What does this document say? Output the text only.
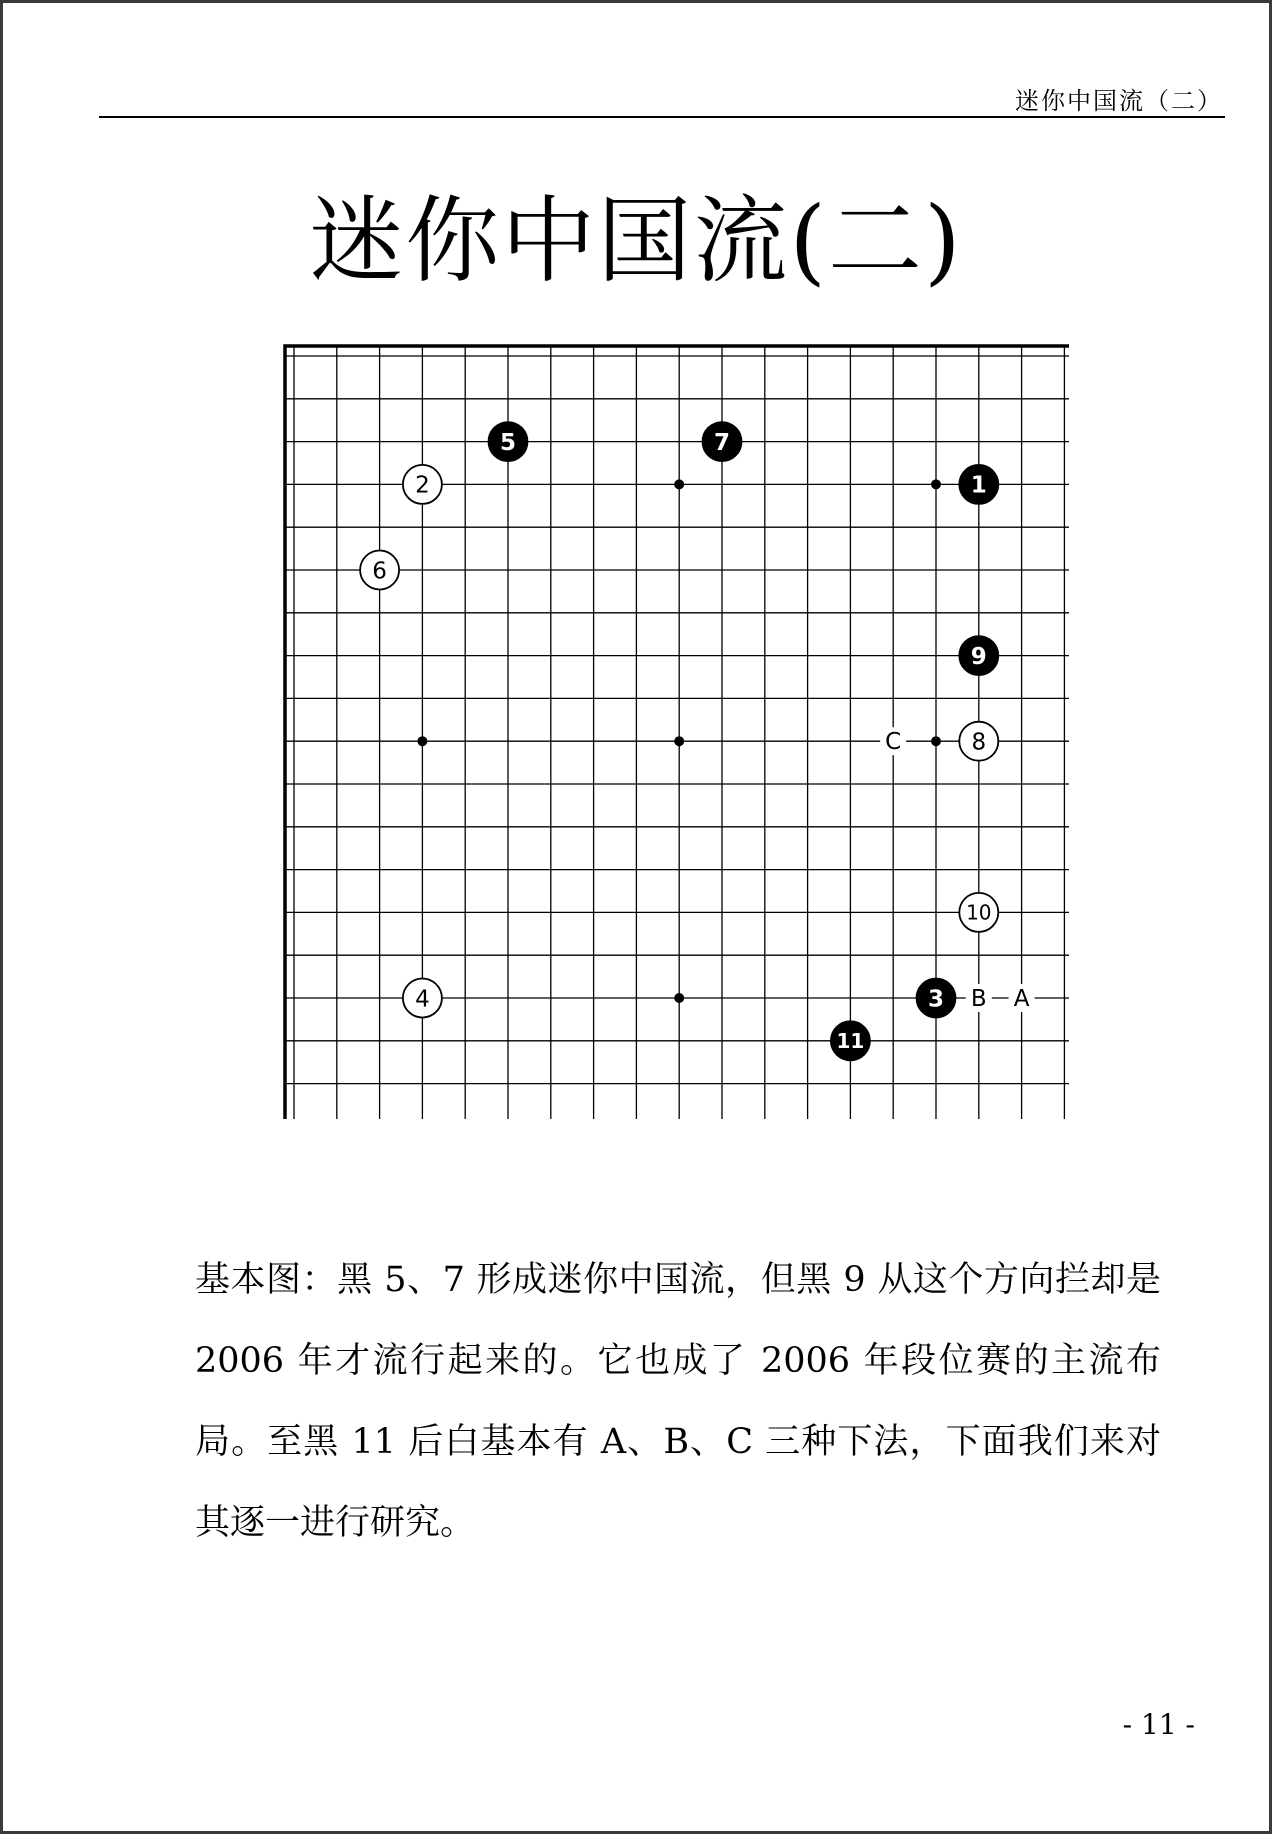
迷你中国流（二）
迷你中国流(二)
A
B
C
1
2
3
4
5
6
7
8
9
10
11

基本图：黑 5、7 形成迷你中国流，但黑 9 从这个方向拦却是 2006 年才流行起来的。它也成了 2006 年段位赛的主流布局。至黑 11 后白基本有 A、B、C 三种下法，下面我们来对其逐一进行研究。

- 11 -
